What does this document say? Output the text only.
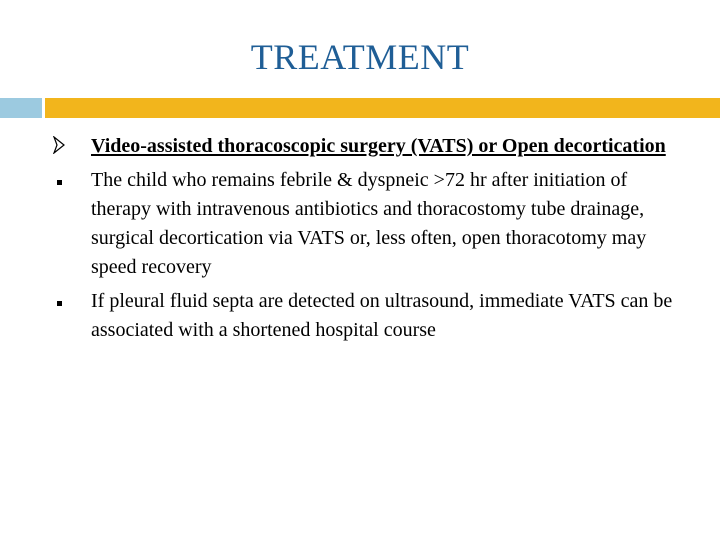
TREATMENT
Video-assisted thoracoscopic surgery (VATS) or Open decortication
The child who remains febrile & dyspneic >72 hr after initiation of therapy with intravenous antibiotics and thoracostomy tube drainage, surgical decortication via VATS or, less often, open thoracotomy may speed recovery
If pleural fluid septa are detected on ultrasound, immediate VATS can be associated with a shortened hospital course
